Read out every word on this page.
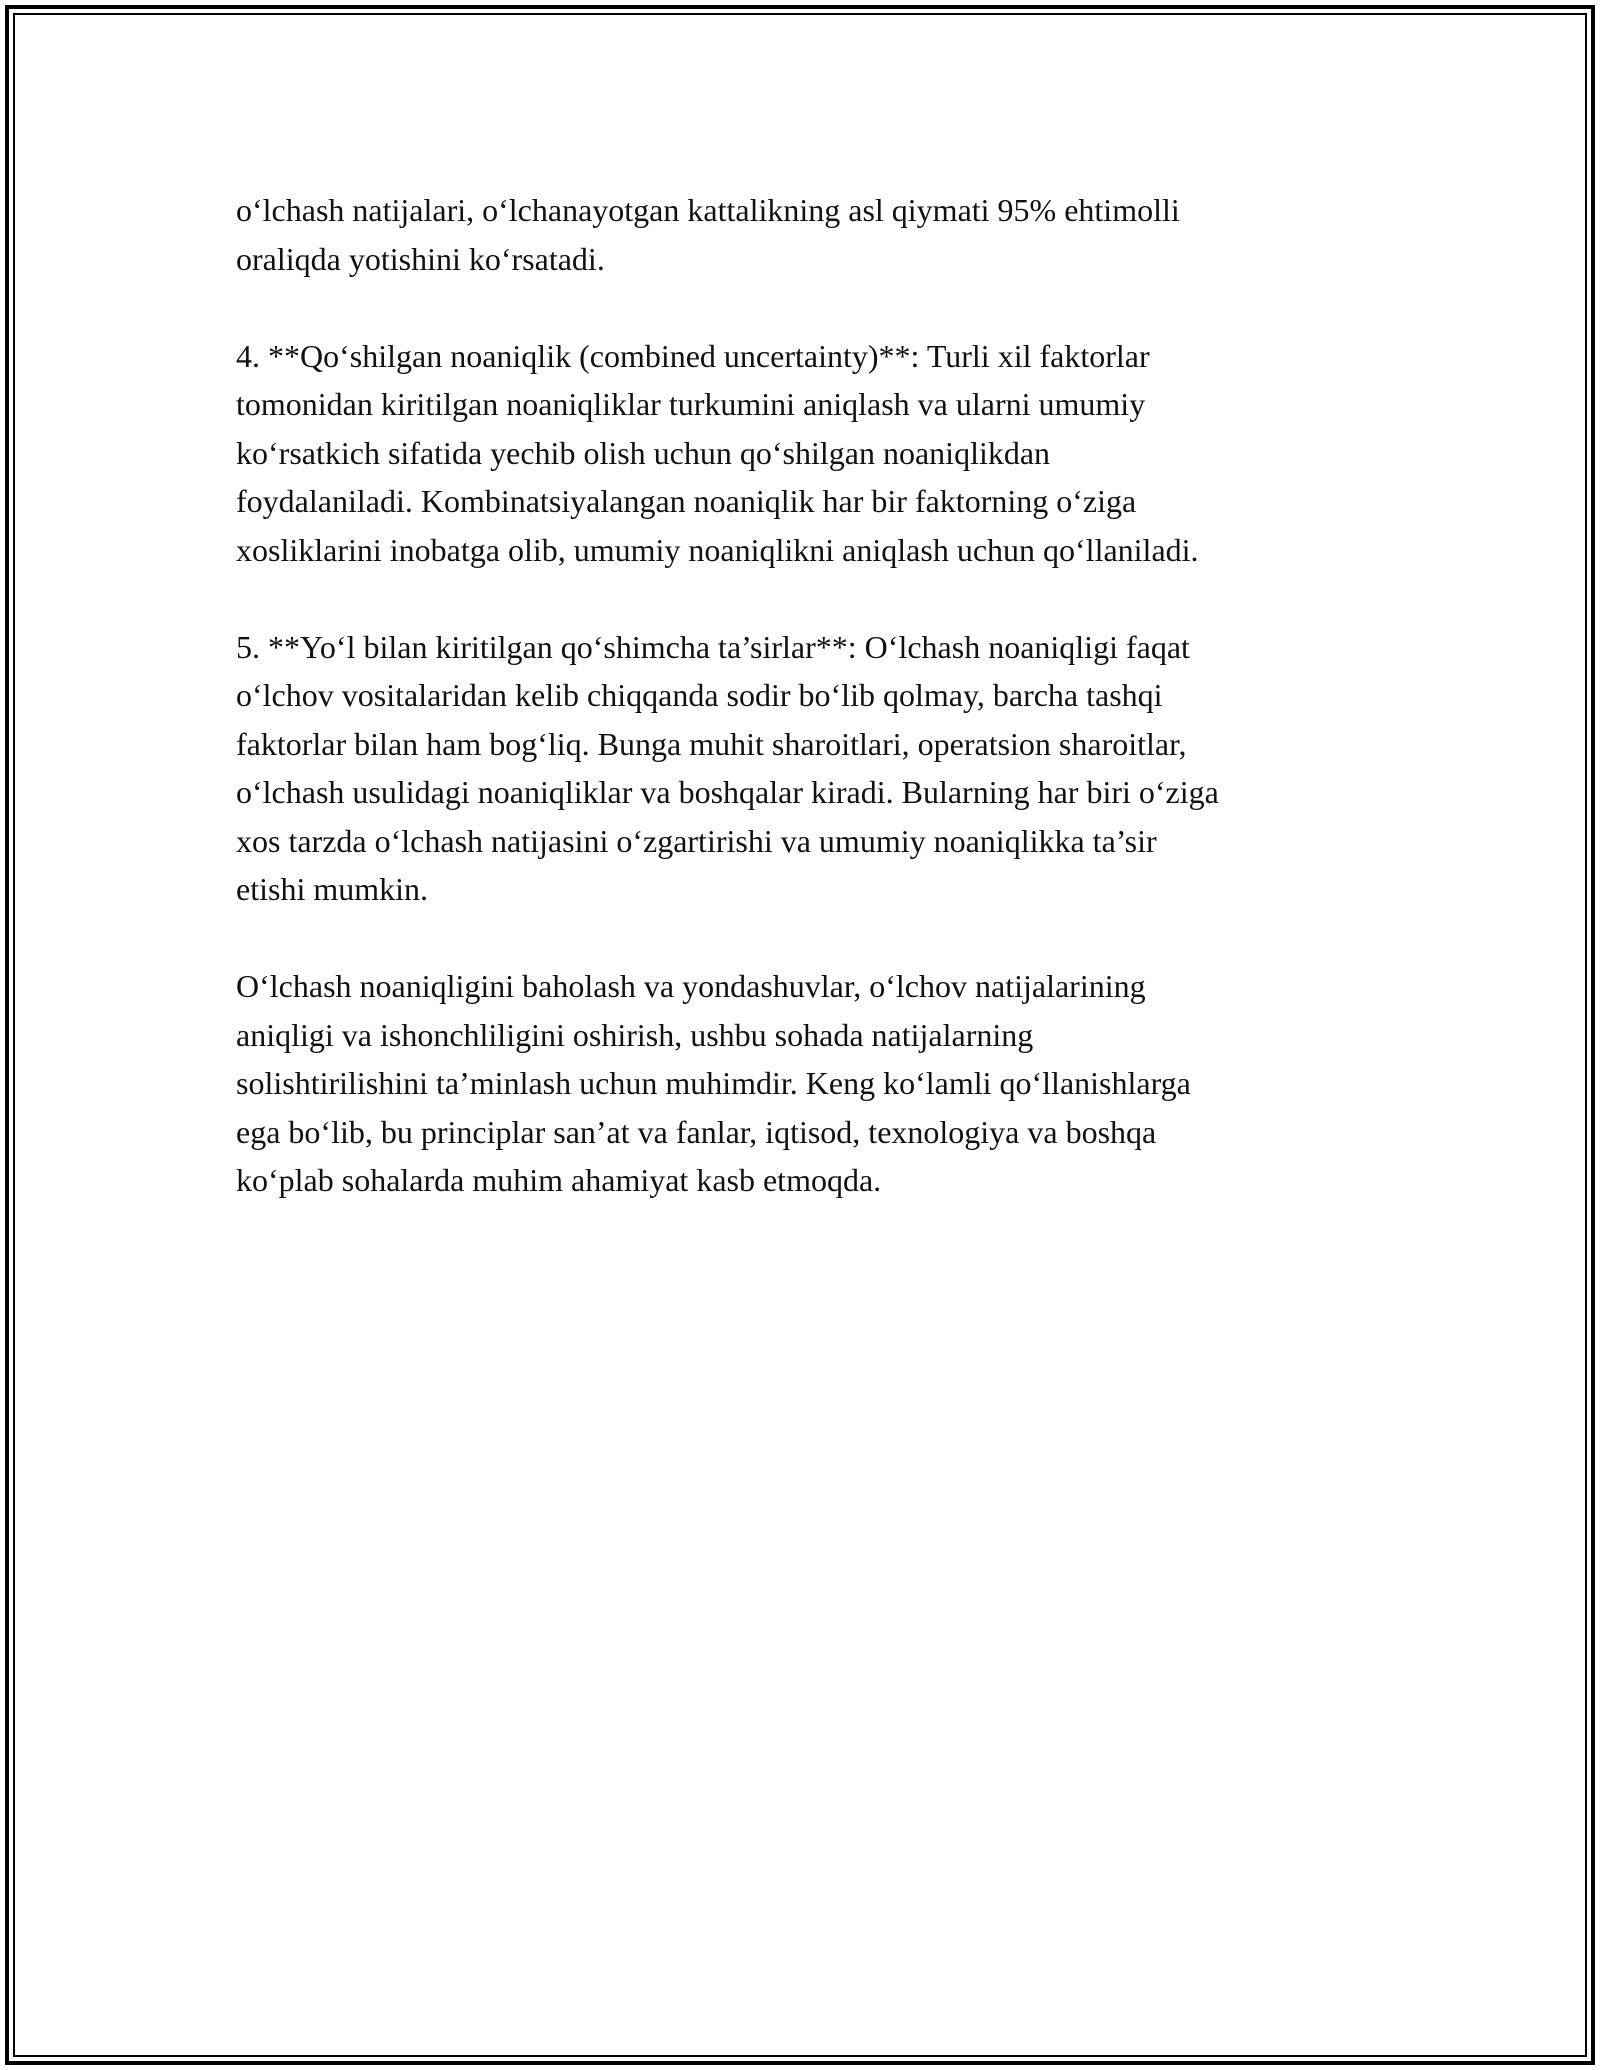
o‘lchash natijalari, o‘lchanayotgan kattalikning asl qiymati 95% ehtimolli
oraliqda yotishini ko‘rsatadi.

4. **Qo‘shilgan noaniqlik (combined uncertainty)**: Turli xil faktorlar
tomonidan kiritilgan noaniqliklar turkumini aniqlash va ularni umumiy
ko‘rsatkich sifatida yechib olish uchun qo‘shilgan noaniqlikdan
foydalaniladi. Kombinatsiyalangan noaniqlik har bir faktorning o‘ziga
xosliklarini inobatga olib, umumiy noaniqlikni aniqlash uchun qo‘llaniladi.

5. **Yo‘l bilan kiritilgan qo‘shimcha ta’sirlar**: O‘lchash noaniqligi faqat
o‘lchov vositalaridan kelib chiqqanda sodir bo‘lib qolmay, barcha tashqi
faktorlar bilan ham bog‘liq. Bunga muhit sharoitlari, operatsion sharoitlar,
o‘lchash usulidagi noaniqliklar va boshqalar kiradi. Bularning har biri o‘ziga
xos tarzda o‘lchash natijasini o‘zgartirishi va umumiy noaniqlikka ta’sir
etishi mumkin.

O‘lchash noaniqligini baholash va yondashuvlar, o‘lchov natijalarining
aniqligi va ishonchliligini oshirish, ushbu sohada natijalarning
solishtirilishini ta’minlash uchun muhimdir. Keng ko‘lamli qo‘llanishlarga
ega bo‘lib, bu principlar san’at va fanlar, iqtisod, texnologiya va boshqa
ko‘plab sohalarda muhim ahamiyat kasb etmoqda.
